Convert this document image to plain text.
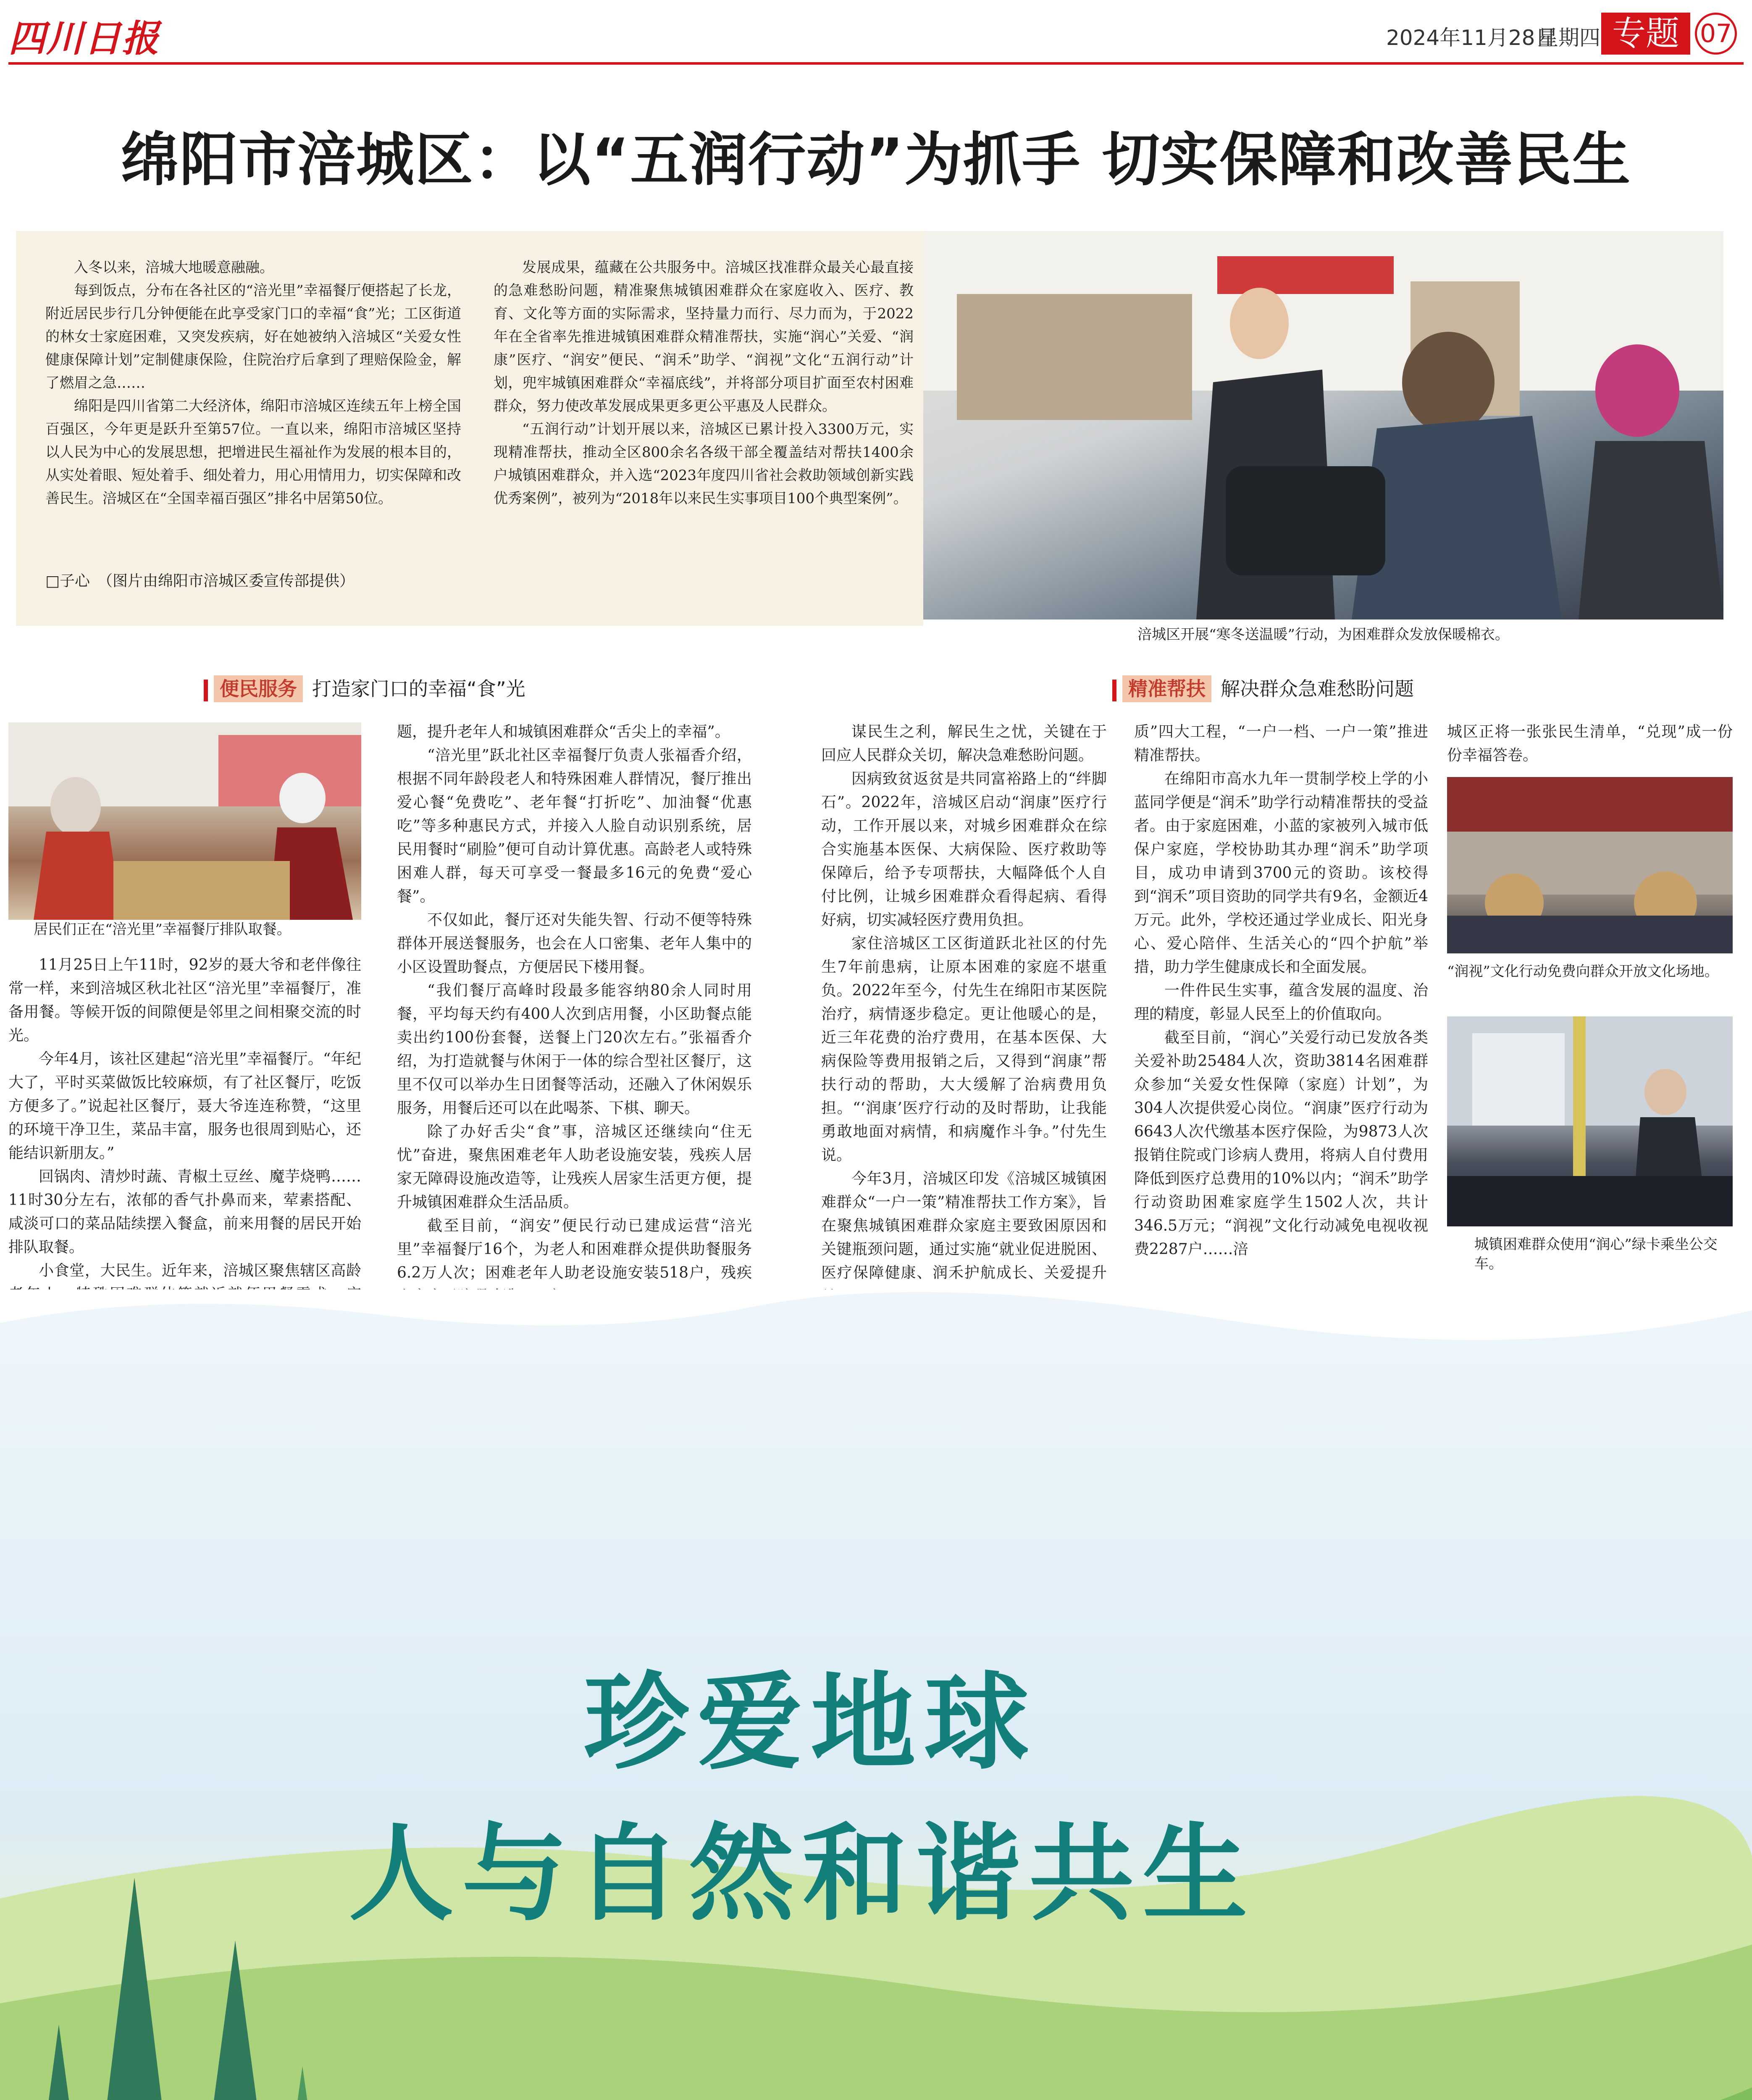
四川日报	2024年11月28日
星期四 专题 07
绵阳市涪城区：以“五润行动”为抓手 切实保障和改善民生

入冬以来，涪城大地暖意融融。

每到饭点，分布在各社区的“涪光里”幸福餐厅便搭起了长龙，附近居民步行几分钟便能在此享受家门口的幸福“食”光；工区街道的林女士家庭困难，又突发疾病，好在她被纳入涪城区“关爱女性健康保障计划”定制健康保险，住院治疗后拿到了理赔保险金，解了燃眉之急……

绵阳是四川省第二大经济体，绵阳市涪城区连续五年上榜全国百强区，今年更是跃升至第57位。一直以来，绵阳市涪城区坚持以人民为中心的发展思想，把增进民生福祉作为发展的根本目的，从实处着眼、短处着手、细处着力，用心用情用力，切实保障和改善民生。涪城区在“全国幸福百强区”排名中居第50位。

发展成果，蕴藏在公共服务中。涪城区找准群众最关心最直接的急难愁盼问题，精准聚焦城镇困难群众在家庭收入、医疗、教育、文化等方面的实际需求，坚持量力而行、尽力而为，于2022年在全省率先推进城镇困难群众精准帮扶，实施“润心”关爱、“润康”医疗、“润安”便民、“润禾”助学、“润视”文化“五润行动”计划，兜牢城镇困难群众“幸福底线”，并将部分项目扩面至农村困难群众，努力使改革发展成果更多更公平惠及人民群众。

“五润行动”计划开展以来，涪城区已累计投入3300万元，实现精准帮扶，推动全区800余名各级干部全覆盖结对帮扶1400余户城镇困难群众，并入选“2023年度四川省社会救助领域创新实践优秀案例”，被列为“2018年以来民生实事项目100个典型案例”。

□子心　（图片由绵阳市涪城区委宣传部提供）
涪城区开展“寒冬送温暖”行动，为困难群众发放保暖棉衣。
便民服务 打造家门口的幸福“食”光	精准帮扶 解决群众急难愁盼问题
居民们正在“涪光里”幸福餐厅排队取餐。

11月25日上午11时，92岁的聂大爷和老伴像往常一样，来到涪城区秋北社区“涪光里”幸福餐厅，准备用餐。等候开饭的间隙便是邻里之间相聚交流的时光。

今年4月，该社区建起“涪光里”幸福餐厅。“年纪大了，平时买菜做饭比较麻烦，有了社区餐厅，吃饭方便多了。”说起社区餐厅，聂大爷连连称赞，“这里的环境干净卫生，菜品丰富，服务也很周到贴心，还能结识新朋友。”

回锅肉、清炒时蔬、青椒土豆丝、魔芋烧鸭……11时30分左右，浓郁的香气扑鼻而来，荤素搭配、咸淡可口的菜品陆续摆入餐盒，前来用餐的居民开始排队取餐。

小食堂，大民生。近年来，涪城区聚焦辖区高龄

题，提升老年人和城镇困难群众“舌尖上的幸福”。

“涪光里”跃北社区幸福餐厅负责人张福香介绍，根据不同年龄段老人和特殊困难人群情况，餐厅推出爱心餐“免费吃”、老年餐“打折吃”、加油餐“优惠吃”等多种惠民方式，并接入人脸自动识别系统，居民用餐时“刷脸”便可自动计算优惠。高龄老人或特殊困难人群，每天可享受一餐最多16元的免费“爱心餐”。

不仅如此，餐厅还对失能失智、行动不便等特殊群体开展送餐服务，也会在人口密集、老年人集中的小区设置助餐点，方便居民下楼用餐。

“我们餐厅高峰时段最多能容纳80余人同时用餐，平均每天约有400人次到店用餐，小区助餐点能卖出约100份套餐，送餐上门20次左右。”张福香介绍，为打造就餐与休闲于一体的综合型社区餐厅，这里不仅可以举办生日团餐等活动，还融入了休闲娱乐服务，用餐后还可以在此喝茶、下棋、聊天。

除了办好舌尖“食”事，涪城区还继续向“住无忧”奋进，聚焦困难老年人助老设施安装，残疾人居家无障碍设施改造等，让残疾人居家生活更方便，提升城镇困难群众生活品质。

截至目前，“润安”便民行动已建成运营“涪光里”幸福餐厅16个，为老人和困难群众提供助餐服务6.2万人次；困难老年人助老设施安装518户，残疾

谋民生之利，解民生之忧，关键在于回应人民群众关切，解决急难愁盼问题。

因病致贫返贫是共同富裕路上的“绊脚石”。2022年，涪城区启动“润康”医疗行动，工作开展以来，对城乡困难群众在综合实施基本医保、大病保险、医疗救助等保障后，给予专项帮扶，大幅降低个人自付比例，让城乡困难群众看得起病、看得好病，切实减轻医疗费用负担。

家住涪城区工区街道跃北社区的付先生7年前患病，让原本困难的家庭不堪重负。2022年至今，付先生在绵阳市某医院治疗，病情逐步稳定。更让他暖心的是，近三年花费的治疗费用，在基本医保、大病保险等费用报销之后，又得到“润康”帮扶行动的帮助，大大缓解了治病费用负担。“‘润康’医疗行动的及时帮助，让我能勇敢地面对病情，和病魔作斗争。”付先生说。

今年3月，涪城区印发《涪城区城镇困难群众“一户一策”精准帮扶工作方案》，旨在聚焦城镇困难群众家庭主要致困原因和关键瓶颈问题，通过实施“就业促进脱困、医疗保障健康、润禾护航成长、关爱提升

质”四大工程，“一户一档、一户一策”推进精准帮扶。

在绵阳市高水九年一贯制学校上学的小蓝同学便是“润禾”助学行动精准帮扶的受益者。由于家庭困难，小蓝的家被列入城市低保户家庭，学校协助其办理“润禾”助学项目，成功申请到3700元的资助。该校得到“润禾”项目资助的同学共有9名，金额近4万元。此外，学校还通过学业成长、阳光身心、爱心陪伴、生活关心的“四个护航”举措，助力学生健康成长和全面发展。

一件件民生实事，蕴含发展的温度、治理的精度，彰显人民至上的价值取向。

截至目前，“润心”关爱行动已发放各类关爱补助25484人次，资助3814名困难群众参加“关爱女性保障（家庭）计划”，为304人次提供爱心岗位。“润康”医疗行动为6643人次代缴基本医疗保险，为9873人次报销住院或门诊病人费用，将病人自付费用降低到医疗总费用的10%以内；“润禾”助学行动资助困难家庭学生1502人次，共计346.5万元；“润视”文化行动减免电视收视费2287户……涪

城区正将一张张民生清单，“兑现”成一份份幸福答卷。

“润视”文化行动免费向群众开放文化场地。
城镇困难群众使用“润心”绿卡乘坐公交车。
珍爱地球
人与自然和谐共生
